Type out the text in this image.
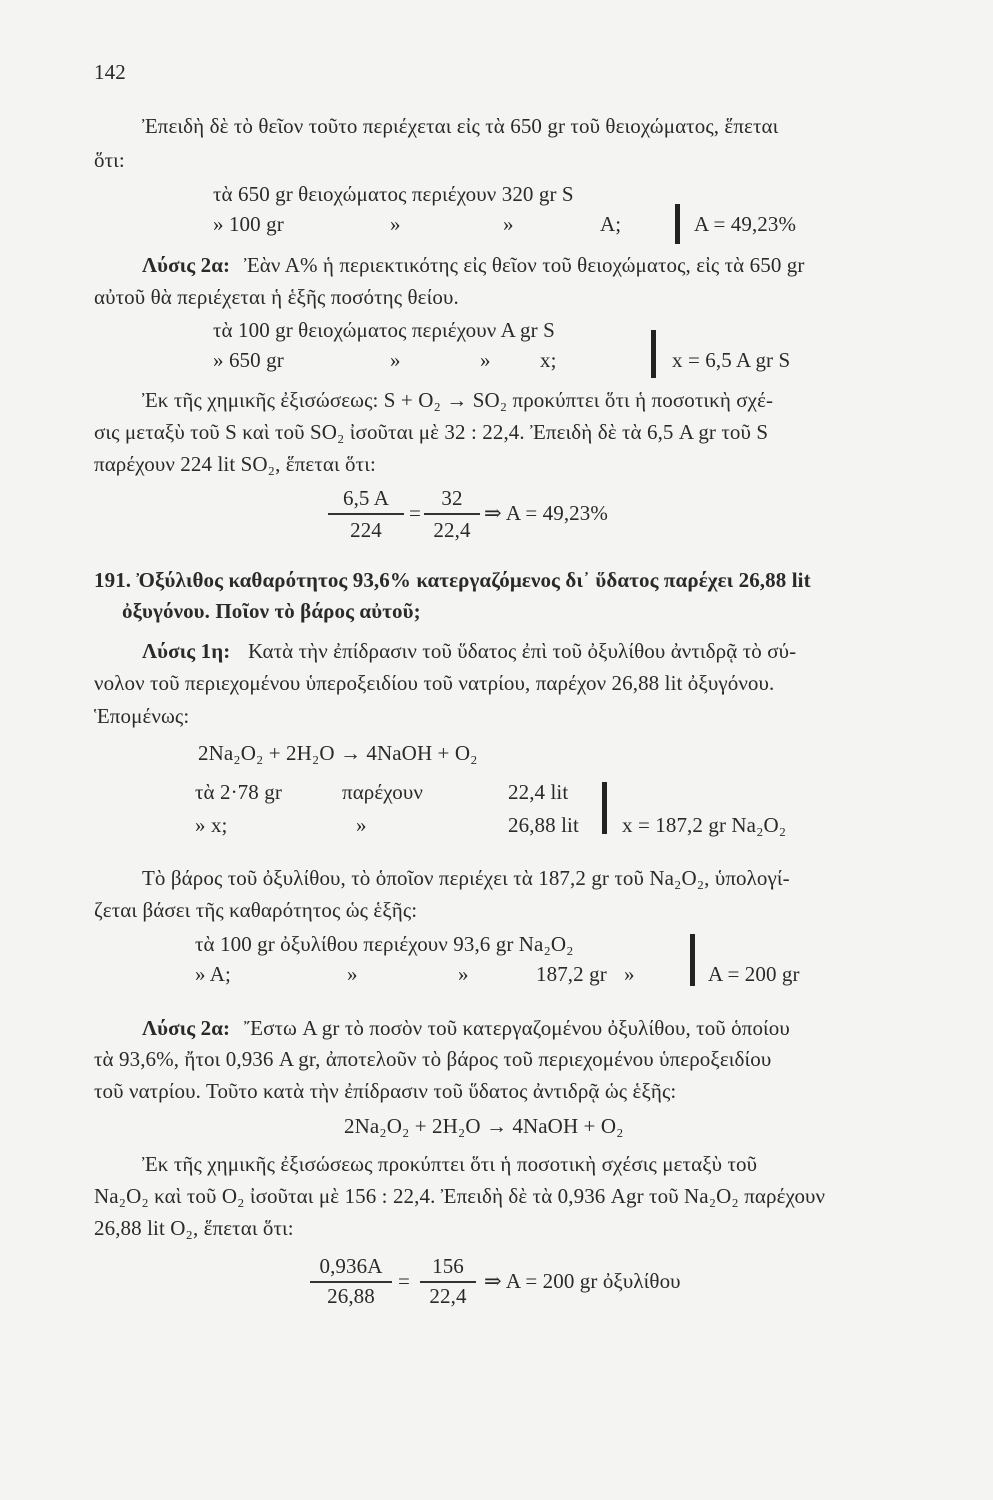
142
Ἐπειδὴ δὲ τὸ θεῖον τοῦτο περιέχεται εἰς τὰ 650 gr τοῦ θειοχώματος, ἕπεται
ὅτι:
τὰ 650 gr θειοχώματος περιέχουν 320 gr S
» 100 gr	»	»	A;	A = 49,23%
Λύσις 2α: Ἐὰν Α% ἡ περιεκτικότης εἰς θεῖον τοῦ θειοχώματος, εἰς τὰ 650 gr
αὐτοῦ θὰ περιέχεται ἡ ἑξῆς ποσότης θείου.
τὰ 100 gr θειοχώματος περιέχουν Α gr S
» 650 gr	»	» x;	x = 6,5 A gr S
Ἐκ τῆς χημικῆς ἐξισώσεως: S + O₂ → SO₂ προκύπτει ὅτι ἡ ποσοτικὴ σχέ-
σις μεταξὺ τοῦ S καὶ τοῦ SO₂ ἰσοῦται μὲ 32 : 22,4. Ἐπειδὴ δὲ τὰ 6,5 A gr τοῦ S
παρέχουν 224 lit SO₂, ἕπεται ὅτι:
6,5 A
224
=
32
22,4
⇒ A = 49,23%
191. Ὀξύλιθος καθαρότητος 93,6% κατεργαζόμενος δι᾽ ὕδατος παρέχει 26,88 lit
ὀξυγόνου. Ποῖον τὸ βάρος αὐτοῦ;
Λύσις 1η: Κατὰ τὴν ἐπίδρασιν τοῦ ὕδατος ἐπὶ τοῦ ὀξυλίθου ἀντιδρᾷ τὸ σύ-
νολον τοῦ περιεχομένου ὑπεροξειδίου τοῦ νατρίου, παρέχον 26,88 lit ὀξυγόνου.
Ἑπομένως:
2Na₂O₂ + 2H₂O → 4NaOH + O₂
τὰ 2·78 gr	παρέχουν	22,4 lit
» x;	»	26,88 lit x = 187,2 gr Na₂O₂
Τὸ βάρος τοῦ ὀξυλίθου, τὸ ὁποῖον περιέχει τὰ 187,2 gr τοῦ Na₂O₂, ὑπολογί-
ζεται βάσει τῆς καθαρότητος ὡς ἑξῆς:
τὰ 100 gr ὀξυλίθου περιέχουν 93,6 gr Na₂O₂
» A;	»	»	187,2 gr »	A = 200 gr
Λύσις 2α: Ἔστω A gr τὸ ποσὸν τοῦ κατεργαζομένου ὀξυλίθου, τοῦ ὁποίου
τὰ 93,6%, ἤτοι 0,936 A gr, ἀποτελοῦν τὸ βάρος τοῦ περιεχομένου ὑπεροξειδίου
τοῦ νατρίου. Τοῦτο κατὰ τὴν ἐπίδρασιν τοῦ ὕδατος ἀντιδρᾷ ὡς ἑξῆς:
2Na₂O₂ + 2H₂O → 4NaOH + O₂
Ἐκ τῆς χημικῆς ἐξισώσεως προκύπτει ὅτι ἡ ποσοτικὴ σχέσις μεταξὺ τοῦ
Na₂O₂ καὶ τοῦ O₂ ἰσοῦται μὲ 156 : 22,4. Ἐπειδὴ δὲ τὰ 0,936 Agr τοῦ Na₂O₂ παρέχουν
26,88 lit O₂, ἕπεται ὅτι:
0,936A
26,88
=
156
22,4
⇒ A = 200 gr ὀξυλίθου
